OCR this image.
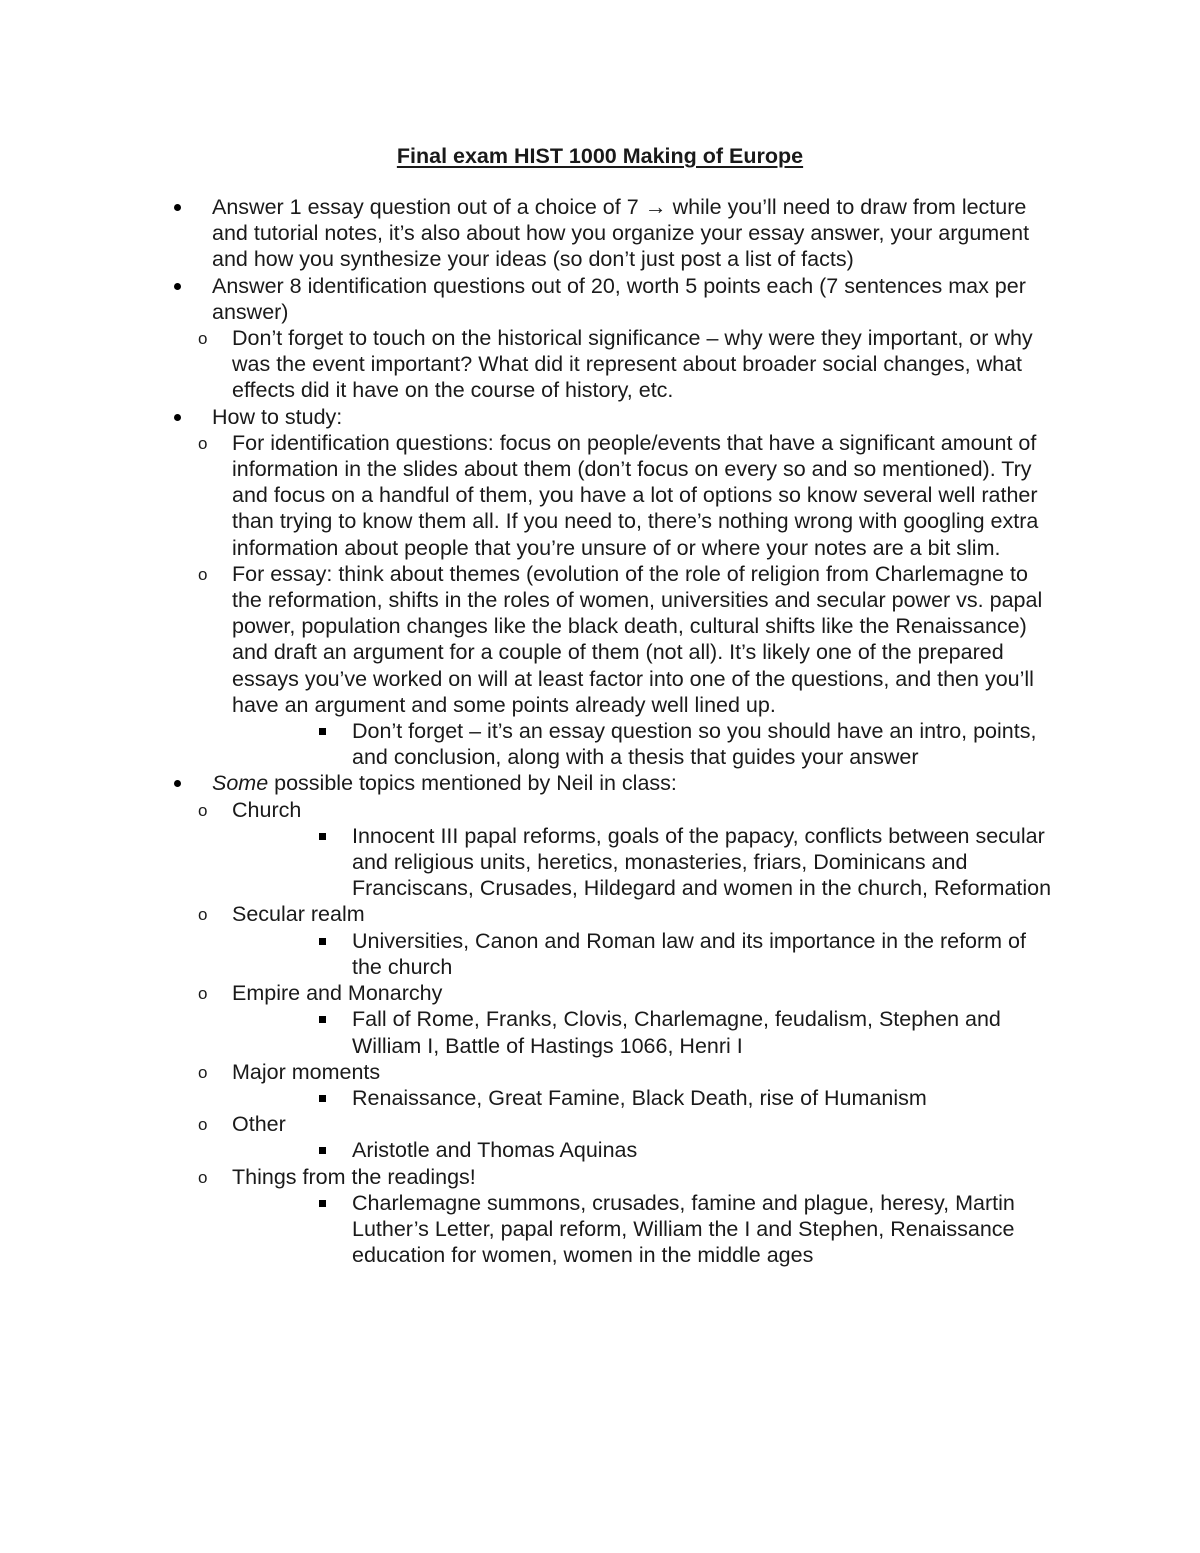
Final exam HIST 1000 Making of Europe
Answer 1 essay question out of a choice of 7 → while you’ll need to draw from lecture and tutorial notes, it’s also about how you organize your essay answer, your argument and how you synthesize your ideas (so don’t just post a list of facts)
Answer 8 identification questions out of 20, worth 5 points each (7 sentences max per answer)
o Don’t forget to touch on the historical significance – why were they important, or why was the event important? What did it represent about broader social changes, what effects did it have on the course of history, etc.
How to study:
o For identification questions: focus on people/events that have a significant amount of information in the slides about them (don’t focus on every so and so mentioned). Try and focus on a handful of them, you have a lot of options so know several well rather than trying to know them all. If you need to, there’s nothing wrong with googling extra information about people that you’re unsure of or where your notes are a bit slim.
o For essay: think about themes (evolution of the role of religion from Charlemagne to the reformation, shifts in the roles of women, universities and secular power vs. papal power, population changes like the black death, cultural shifts like the Renaissance) and draft an argument for a couple of them (not all). It’s likely one of the prepared essays you’ve worked on will at least factor into one of the questions, and then you’ll have an argument and some points already well lined up.
Don’t forget – it’s an essay question so you should have an intro, points, and conclusion, along with a thesis that guides your answer
Some possible topics mentioned by Neil in class:
o Church
Innocent III papal reforms, goals of the papacy, conflicts between secular and religious units, heretics, monasteries, friars, Dominicans and Franciscans, Crusades, Hildegard and women in the church, Reformation
o Secular realm
Universities, Canon and Roman law and its importance in the reform of the church
o Empire and Monarchy
Fall of Rome, Franks, Clovis, Charlemagne, feudalism, Stephen and William I, Battle of Hastings 1066, Henri I
o Major moments
Renaissance, Great Famine, Black Death, rise of Humanism
o Other
Aristotle and Thomas Aquinas
o Things from the readings!
Charlemagne summons, crusades, famine and plague, heresy, Martin Luther’s Letter, papal reform, William the I and Stephen, Renaissance education for women, women in the middle ages
